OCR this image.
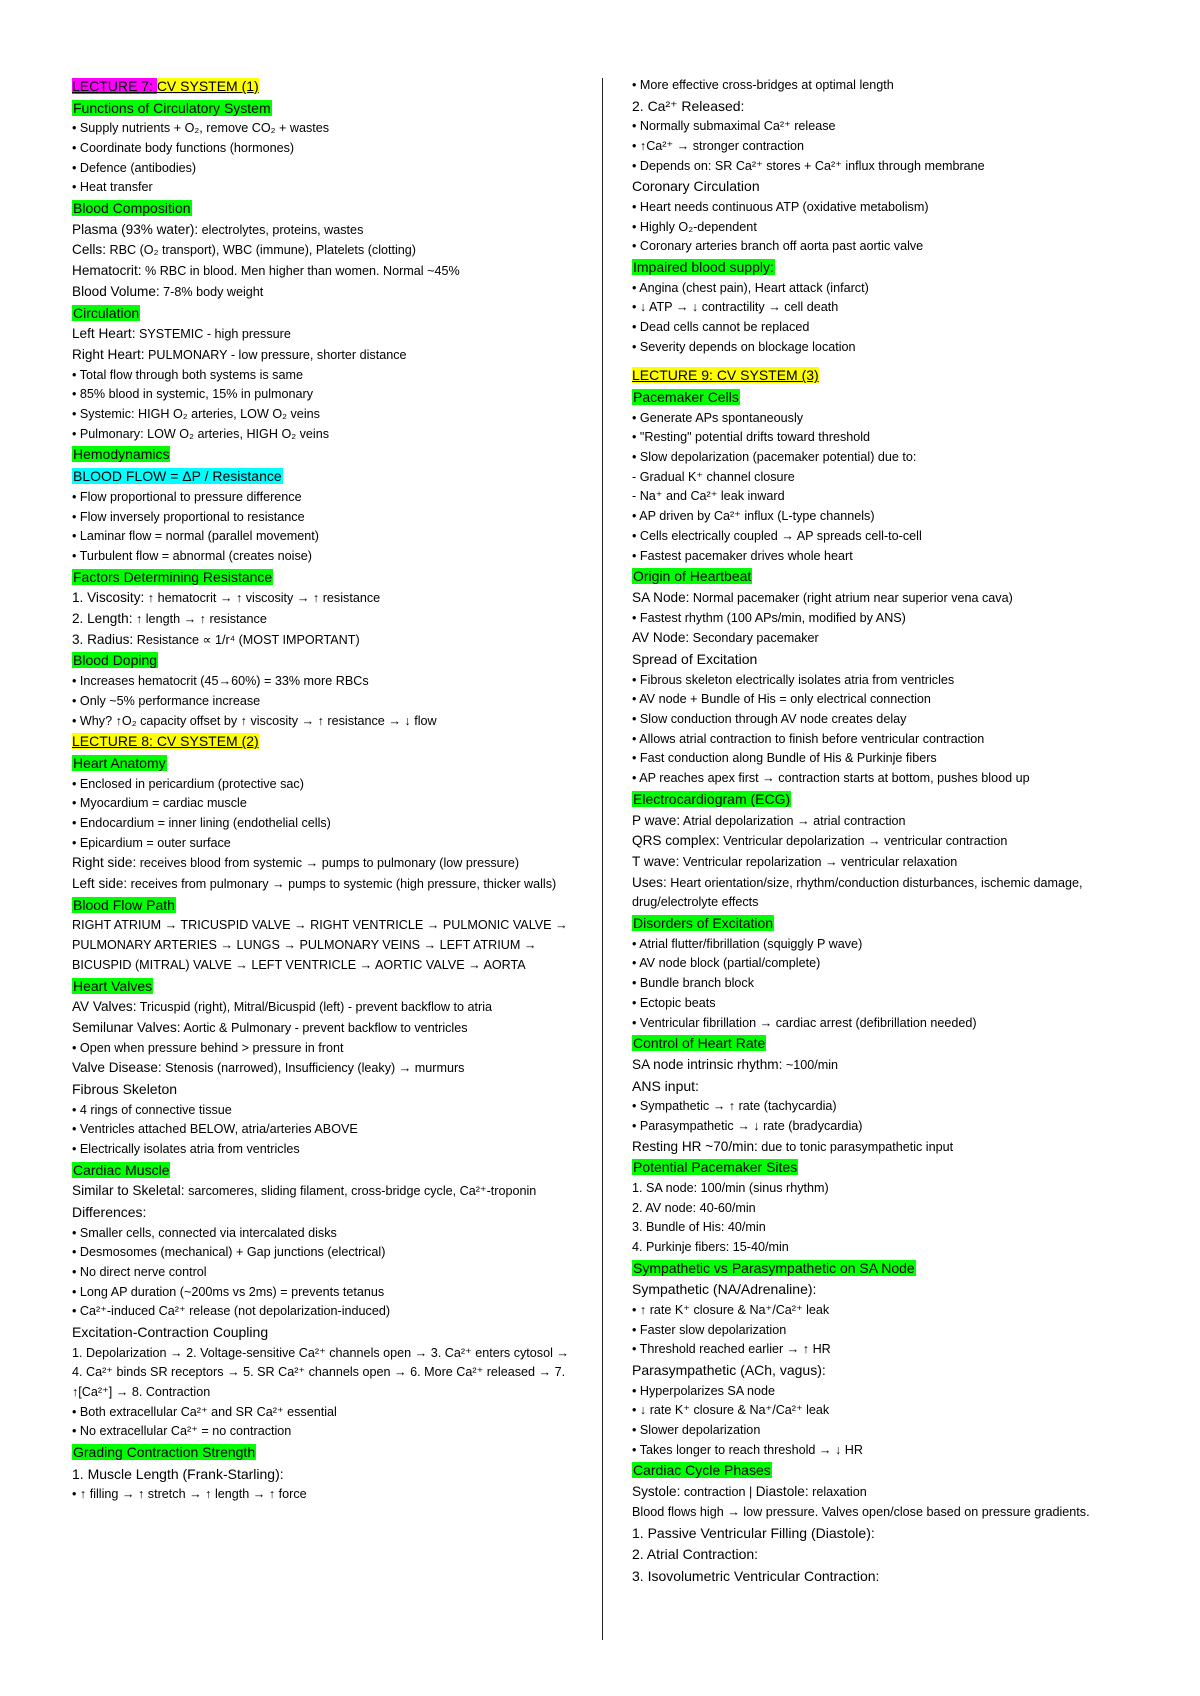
LECTURE 7: CV SYSTEM (1)
Functions of Circulatory System
• Supply nutrients + O₂, remove CO₂ + wastes
• Coordinate body functions (hormones)
• Defence (antibodies)
• Heat transfer
Blood Composition
Plasma (93% water): electrolytes, proteins, wastes
Cells: RBC (O₂ transport), WBC (immune), Platelets (clotting)
Hematocrit: % RBC in blood. Men higher than women. Normal ~45%
Blood Volume: 7-8% body weight
Circulation
Left Heart: SYSTEMIC - high pressure
Right Heart: PULMONARY - low pressure, shorter distance
• Total flow through both systems is same
• 85% blood in systemic, 15% in pulmonary
• Systemic: HIGH O₂ arteries, LOW O₂ veins
• Pulmonary: LOW O₂ arteries, HIGH O₂ veins
Hemodynamics
BLOOD FLOW = ΔP / Resistance
• Flow proportional to pressure difference
• Flow inversely proportional to resistance
• Laminar flow = normal (parallel movement)
• Turbulent flow = abnormal (creates noise)
Factors Determining Resistance
1. Viscosity: ↑ hematocrit → ↑ viscosity → ↑ resistance
2. Length: ↑ length → ↑ resistance
3. Radius: Resistance ∝ 1/r⁴ (MOST IMPORTANT)
Blood Doping
• Increases hematocrit (45→60%) = 33% more RBCs
• Only ~5% performance increase
• Why? ↑O₂ capacity offset by ↑ viscosity → ↑ resistance → ↓ flow
LECTURE 8: CV SYSTEM (2)
Heart Anatomy
• Enclosed in pericardium (protective sac)
• Myocardium = cardiac muscle
• Endocardium = inner lining (endothelial cells)
• Epicardium = outer surface
Right side: receives blood from systemic → pumps to pulmonary (low pressure)
Left side: receives from pulmonary → pumps to systemic (high pressure, thicker walls)
Blood Flow Path
RIGHT ATRIUM → TRICUSPID VALVE → RIGHT VENTRICLE → PULMONIC VALVE → PULMONARY ARTERIES → LUNGS → PULMONARY VEINS → LEFT ATRIUM → BICUSPID (MITRAL) VALVE → LEFT VENTRICLE → AORTIC VALVE → AORTA
Heart Valves
AV Valves: Tricuspid (right), Mitral/Bicuspid (left) - prevent backflow to atria
Semilunar Valves: Aortic & Pulmonary - prevent backflow to ventricles
• Open when pressure behind > pressure in front
Valve Disease: Stenosis (narrowed), Insufficiency (leaky) → murmurs
Fibrous Skeleton
• 4 rings of connective tissue
• Ventricles attached BELOW, atria/arteries ABOVE
• Electrically isolates atria from ventricles
Cardiac Muscle
Similar to Skeletal: sarcomeres, sliding filament, cross-bridge cycle, Ca²⁺-troponin
Differences:
• Smaller cells, connected via intercalated disks
• Desmosomes (mechanical) + Gap junctions (electrical)
• No direct nerve control
• Long AP duration (~200ms vs 2ms) = prevents tetanus
• Ca²⁺-induced Ca²⁺ release (not depolarization-induced)
Excitation-Contraction Coupling
1. Depolarization → 2. Voltage-sensitive Ca²⁺ channels open → 3. Ca²⁺ enters cytosol → 4. Ca²⁺ binds SR receptors → 5. SR Ca²⁺ channels open → 6. More Ca²⁺ released → 7. ↑[Ca²⁺] → 8. Contraction
• Both extracellular Ca²⁺ and SR Ca²⁺ essential
• No extracellular Ca²⁺ = no contraction
Grading Contraction Strength
1. Muscle Length (Frank-Starling):
• ↑ filling → ↑ stretch → ↑ length → ↑ force
• More effective cross-bridges at optimal length
2. Ca²⁺ Released:
• Normally submaximal Ca²⁺ release
• ↑Ca²⁺ → stronger contraction
• Depends on: SR Ca²⁺ stores + Ca²⁺ influx through membrane
Coronary Circulation
• Heart needs continuous ATP (oxidative metabolism)
• Highly O₂-dependent
• Coronary arteries branch off aorta past aortic valve
Impaired blood supply:
• Angina (chest pain), Heart attack (infarct)
• ↓ ATP → ↓ contractility → cell death
• Dead cells cannot be replaced
• Severity depends on blockage location
LECTURE 9: CV SYSTEM (3)
Pacemaker Cells
• Generate APs spontaneously
• "Resting" potential drifts toward threshold
• Slow depolarization (pacemaker potential) due to:
- Gradual K⁺ channel closure
- Na⁺ and Ca²⁺ leak inward
• AP driven by Ca²⁺ influx (L-type channels)
• Cells electrically coupled → AP spreads cell-to-cell
• Fastest pacemaker drives whole heart
Origin of Heartbeat
SA Node: Normal pacemaker (right atrium near superior vena cava)
• Fastest rhythm (100 APs/min, modified by ANS)
AV Node: Secondary pacemaker
Spread of Excitation
• Fibrous skeleton electrically isolates atria from ventricles
• AV node + Bundle of His = only electrical connection
• Slow conduction through AV node creates delay
• Allows atrial contraction to finish before ventricular contraction
• Fast conduction along Bundle of His & Purkinje fibers
• AP reaches apex first → contraction starts at bottom, pushes blood up
Electrocardiogram (ECG)
P wave: Atrial depolarization → atrial contraction
QRS complex: Ventricular depolarization → ventricular contraction
T wave: Ventricular repolarization → ventricular relaxation
Uses: Heart orientation/size, rhythm/conduction disturbances, ischemic damage, drug/electrolyte effects
Disorders of Excitation
• Atrial flutter/fibrillation (squiggly P wave)
• AV node block (partial/complete)
• Bundle branch block
• Ectopic beats
• Ventricular fibrillation → cardiac arrest (defibrillation needed)
Control of Heart Rate
SA node intrinsic rhythm: ~100/min
ANS input:
• Sympathetic → ↑ rate (tachycardia)
• Parasympathetic → ↓ rate (bradycardia)
Resting HR ~70/min: due to tonic parasympathetic input
Potential Pacemaker Sites
1. SA node: 100/min (sinus rhythm)
2. AV node: 40-60/min
3. Bundle of His: 40/min
4. Purkinje fibers: 15-40/min
Sympathetic vs Parasympathetic on SA Node
Sympathetic (NA/Adrenaline):
• ↑ rate K⁺ closure & Na⁺/Ca²⁺ leak
• Faster slow depolarization
• Threshold reached earlier → ↑ HR
Parasympathetic (ACh, vagus):
• Hyperpolarizes SA node
• ↓ rate K⁺ closure & Na⁺/Ca²⁺ leak
• Slower depolarization
• Takes longer to reach threshold → ↓ HR
Cardiac Cycle Phases
Systole: contraction | Diastole: relaxation
Blood flows high → low pressure. Valves open/close based on pressure gradients.
1. Passive Ventricular Filling (Diastole):
2. Atrial Contraction:
3. Isovolumetric Ventricular Contraction:
